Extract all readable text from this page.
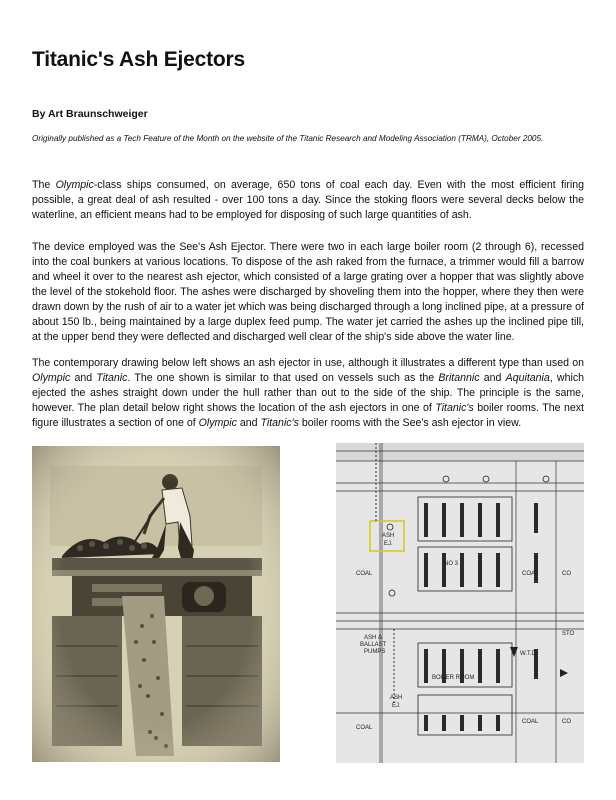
Titanic's Ash Ejectors
By Art Braunschweiger
Originally published as a Tech Feature of the Month on the website of the Titanic Research and Modeling Association (TRMA), October 2005.

The Olympic-class ships consumed, on average, 650 tons of coal each day. Even with the most efficient firing possible, a great deal of ash resulted - over 100 tons a day. Since the stoking floors were several decks below the waterline, an efficient means had to be employed for disposing of such large quantities of ash.

The device employed was the See's Ash Ejector. There were two in each large boiler room (2 through 6), recessed into the coal bunkers at various locations. To dispose of the ash raked from the furnace, a trimmer would fill a barrow and wheel it over to the nearest ash ejector, which consisted of a large grating over a hopper that was slightly above the level of the stokehold floor. The ashes were discharged by shoveling them into the hopper, where they then were drawn down by the rush of air to a water jet which was being discharged through a long inclined pipe, at a pressure of about 150 lb., being maintained by a large duplex feed pump. The water jet carried the ashes up the inclined pipe till, at the upper bend they were deflected and discharged well clear of the ship's side above the water line.

The contemporary drawing below left shows an ash ejector in use, although it illustrates a different type than used on Olympic and Titanic. The one shown is similar to that used on vessels such as the Britannic and Aquitania, which ejected the ashes straight down under the hull rather than out to the side of the ship. The principle is the same, however. The plan detail below right shows the location of the ash ejectors in one of Titanic's boiler rooms. The next figure illustrates a section of one of Olympic and Titanic's boiler rooms with the See's ash ejector in view.

ASH
EJ.
COAL
NO 3
COAL	CO
STO
ASH &
BALLAST
PUMPS	W.T.D.
BOILER ROOM
ASH
EJ.
COAL
COAL	CO
